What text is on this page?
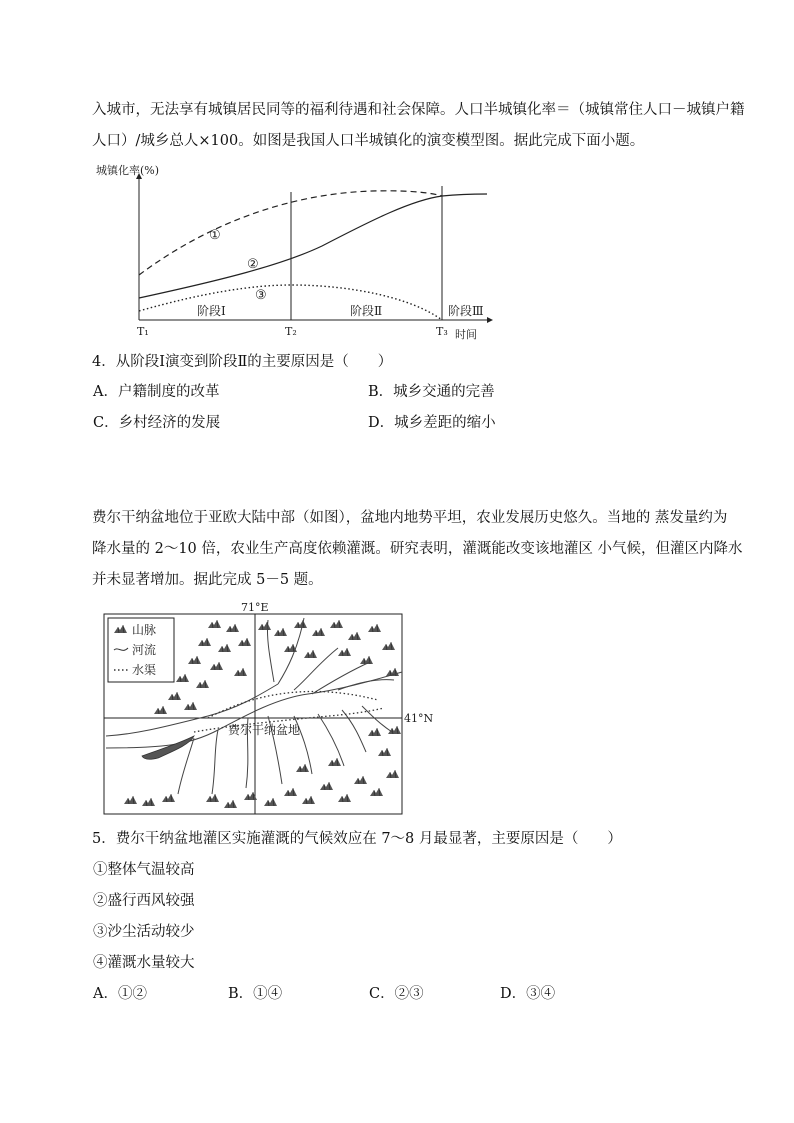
入城市，无法享有城镇居民同等的福利待遇和社会保障。人口半城镇化率＝（城镇常住人口－城镇户籍
人口）/城乡总人×100。如图是我国人口半城镇化的演变模型图。据此完成下面小题。
城镇化率(%)
时间
T₁	T₂	T₃
①
②
③
阶段Ⅰ	阶段Ⅱ	阶段Ⅲ
4．从阶段Ⅰ演变到阶段Ⅱ的主要原因是（　　）
A．户籍制度的改革	B．城乡交通的完善
C．乡村经济的发展	D．城乡差距的缩小
费尔干纳盆地位于亚欧大陆中部（如图），盆地内地势平坦，农业发展历史悠久。当地的 蒸发量约为
降水量的 2～10 倍，农业生产高度依赖灌溉。研究表明，灌溉能改变该地灌区 小气候，但灌区内降水
并未显著增加。据此完成 5－5 题。
71°E
41°N
费尔干纳盆地
山脉
河流
水渠
5．费尔干纳盆地灌区实施灌溉的气候效应在 7～8 月最显著，主要原因是（　　）
①整体气温较高
②盛行西风较强
③沙尘活动较少
④灌溉水量较大
A．①②	B．①④	C．②③	D．③④
